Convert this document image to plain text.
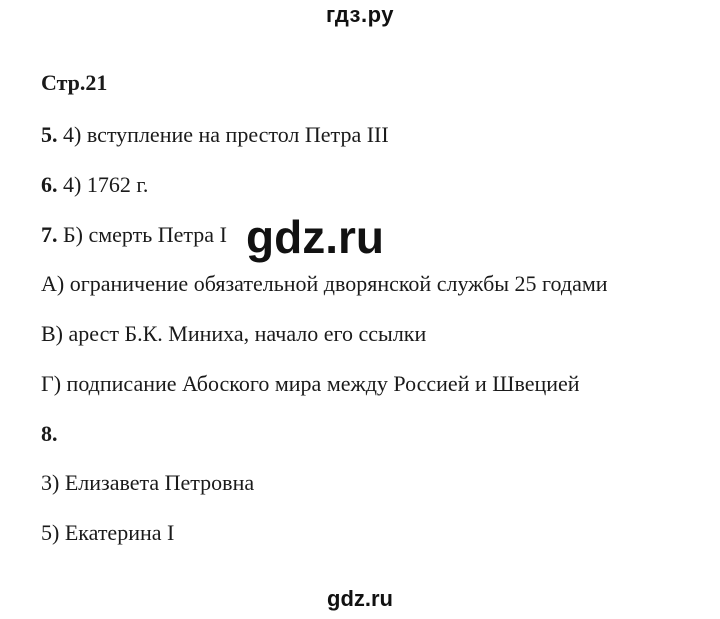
гдз.ру
Стр.21
5. 4) вступление на престол Петра III
6. 4) 1762 г.
7. Б) смерть Петра I
А) ограничение обязательной дворянской службы 25 годами
В) арест Б.К. Миниха, начало его ссылки
Г) подписание Абоского мира между Россией и Швецией
8.
3) Елизавета Петровна
5) Екатерина I
gdz.ru
gdz.ru
